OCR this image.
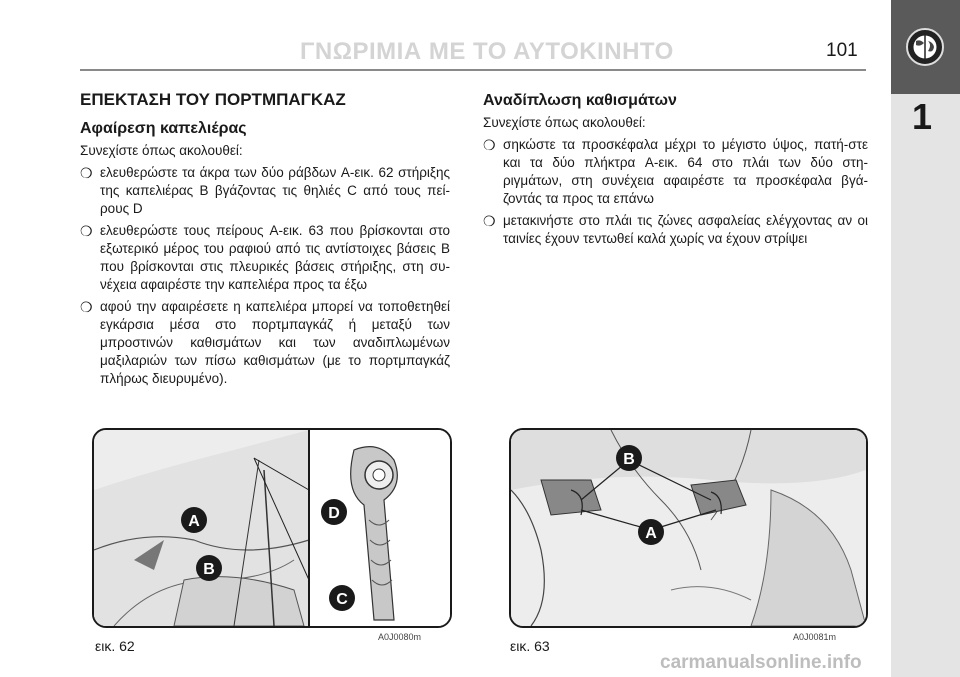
1
ΓΝΩΡΙΜΙΑ ΜΕ ΤΟ ΑΥΤΟΚΙΝΗΤΟ	101
ΕΠΕΚΤΑΣΗ ΤΟΥ ΠΟΡΤΜΠΑΓΚΑΖ
Αφαίρεση καπελιέρας

Συνεχίστε όπως ακολουθεί:

❍ ελευθερώστε τα άκρα των δύο ράβδων A-εικ. 62 στήριξης της καπελιέρας B βγάζοντας τις θηλιές C από τους πεί-ρους D
❍ ελευθερώστε τους πείρους A-εικ. 63 που βρίσκονται στο εξωτερικό μέρος του ραφιού από τις αντίστοιχες βάσεις B που βρίσκονται στις πλευρικές βάσεις στήριξης, στη συ-νέχεια αφαιρέστε την καπελιέρα προς τα έξω
❍ αφού την αφαιρέσετε η καπελιέρα μπορεί να τοποθετηθεί εγκάρσια μέσα στο πορτμπαγκάζ ή μεταξύ των μπροστινών καθισμάτων και των αναδιπλωμένων μαξιλαριών των πίσω καθισμάτων (με το πορτμπαγκάζ πλήρως διευρυμένο).
Αναδίπλωση καθισμάτων

Συνεχίστε όπως ακολουθεί:

❍ σηκώστε τα προσκέφαλα μέχρι το μέγιστο ύψος, πατή-στε και τα δύο πλήκτρα A-εικ. 64 στο πλάι των δύο στη-ριγμάτων, στη συνέχεια αφαιρέστε τα προσκέφαλα βγά-ζοντάς τα προς τα επάνω
❍ μετακινήστε στο πλάι τις ζώνες ασφαλείας ελέγχοντας αν οι ταινίες έχουν τεντωθεί καλά χωρίς να έχουν στρίψει
A
B
D
C
εικ. 62
A0J0080m
B
A
εικ. 63
A0J0081m
carmanualsonline.info
